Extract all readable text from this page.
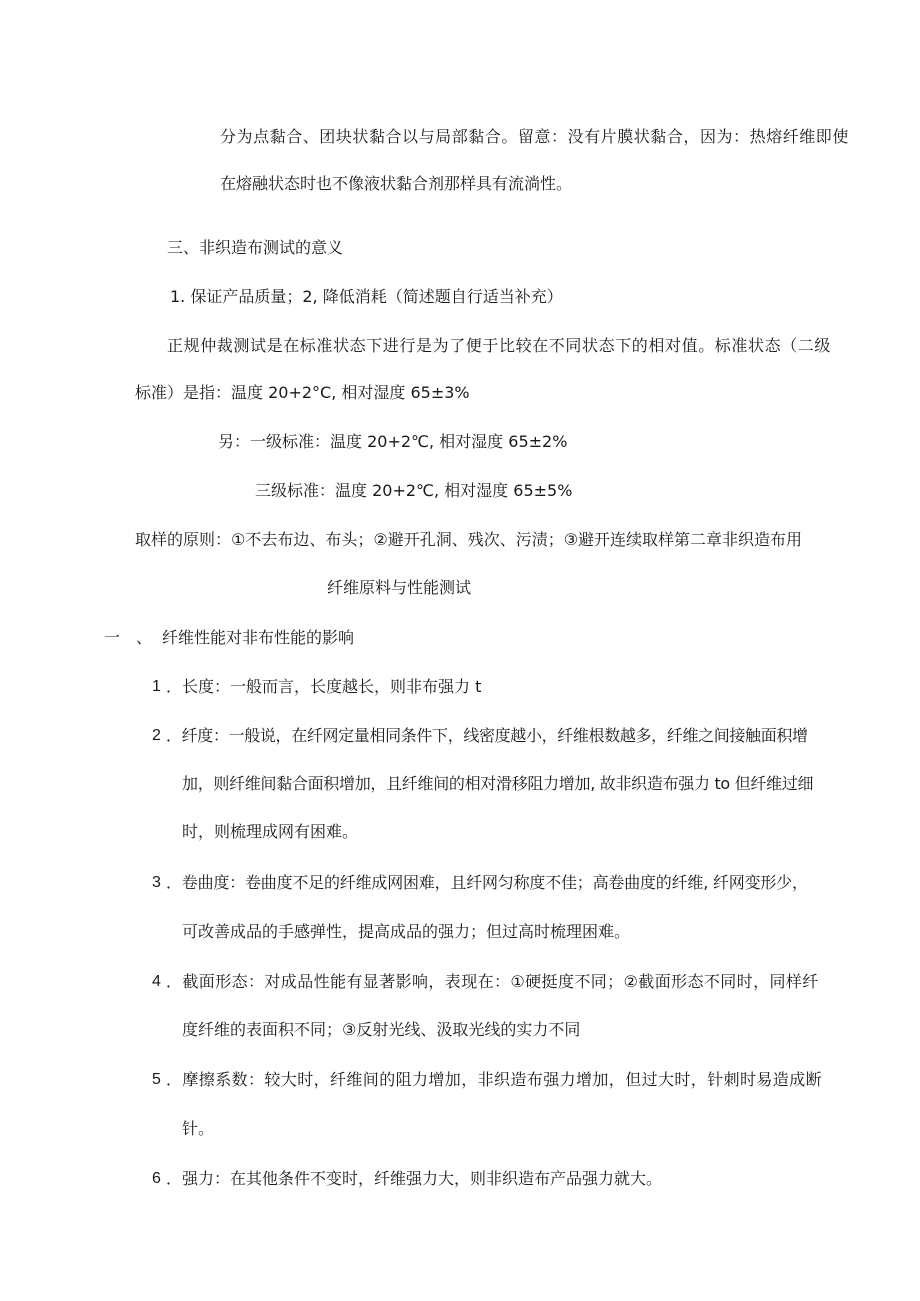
分为点黏合、团块状黏合以与局部黏合。留意：没有片膜状黏合，因为：热熔纤维即使
在熔融状态时也不像液状黏合剂那样具有流淌性。
三、非织造布测试的意义
1. 保证产品质量；2, 降低消耗（简述题自行适当补充）
正规仲裁测试是在标准状态下进行是为了便于比较在不同状态下的相对值。标准状态（二级
标准）是指：温度 20+2°C, 相对湿度 65±3%
另：一级标准：温度 20+2℃, 相对湿度 65±2%
三级标准：温度 20+2℃, 相对湿度 65±5%
取样的原则：①不去布边、布头；②避开孔洞、残次、污渍；③避开连续取样第二章非织造布用
纤维原料与性能测试
一　、 纤维性能对非布性能的影响
1 ．长度：一般而言，长度越长，则非布强力 t
2 ．纤度：一般说，在纤网定量相同条件下，线密度越小，纤维根数越多，纤维之间接触面积增
加，则纤维间黏合面积增加，且纤维间的相对滑移阻力增加, 故非织造布强力 to 但纤维过细
时，则梳理成网有困难。
3 ．卷曲度：卷曲度不足的纤维成网困难，且纤网匀称度不佳；高卷曲度的纤维, 纤网变形少，
可改善成品的手感弹性，提高成品的强力；但过高时梳理困难。
4 ．截面形态：对成品性能有显著影响，表现在：①硬挺度不同；②截面形态不同时，同样纤
度纤维的表面积不同；③反射光线、汲取光线的实力不同
5 ．摩擦系数：较大时，纤维间的阻力增加，非织造布强力增加，但过大时，针刺时易造成断
针。
6 ．强力：在其他条件不变时，纤维强力大，则非织造布产品强力就大。
